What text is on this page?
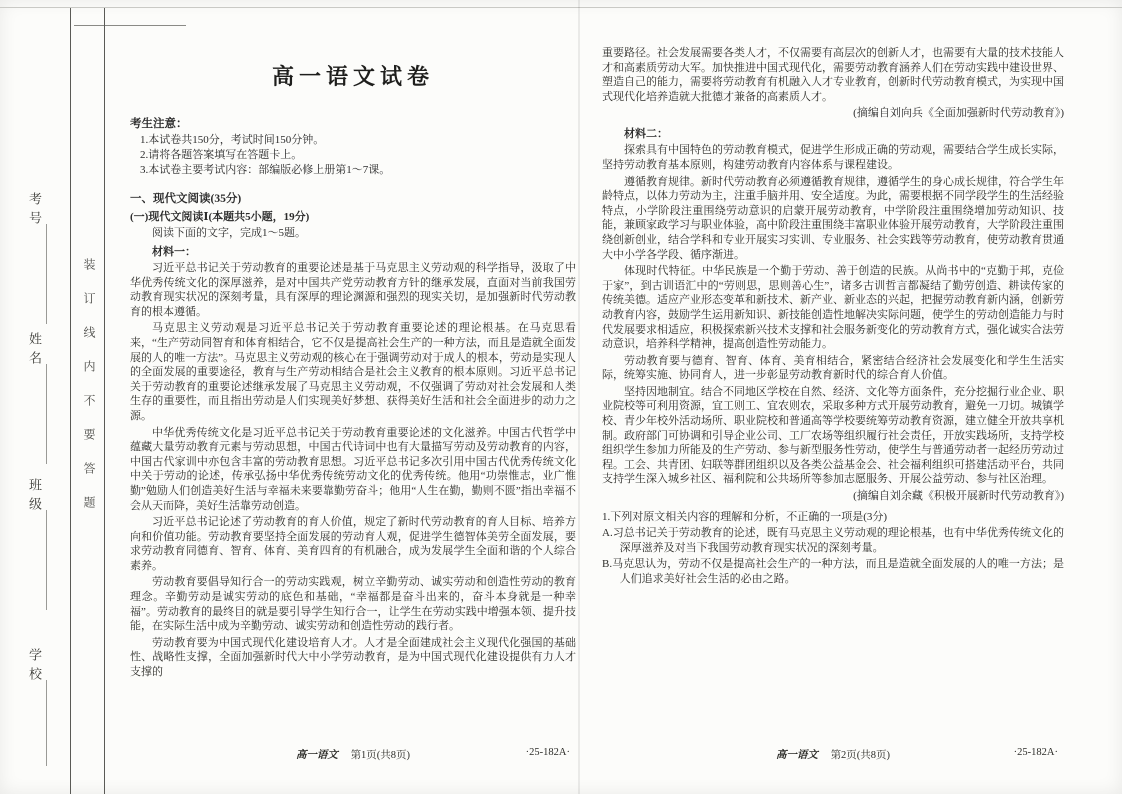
考号
姓名
班级
学校
装订线内不要答题
高一语文试卷

考生注意：

1.本试卷共150分，考试时间150分钟。

2.请将各题答案填写在答题卡上。

3.本试卷主要考试内容：部编版必修上册第1～7课。

一、现代文阅读(35分)

(一)现代文阅读Ⅰ(本题共5小题，19分)

阅读下面的文字，完成1～5题。

材料一：

习近平总书记关于劳动教育的重要论述是基于马克思主义劳动观的科学指导，汲取了中华优秀传统文化的深厚滋养，是对中国共产党劳动教育方针的继承发展，直面对当前我国劳动教育现实状况的深刻考量，具有深厚的理论渊源和强烈的现实关切，是加强新时代劳动教育的根本遵循。

马克思主义劳动观是习近平总书记关于劳动教育重要论述的理论根基。在马克思看来，“生产劳动同智育和体育相结合，它不仅是提高社会生产的一种方法，而且是造就全面发展的人的唯一方法”。马克思主义劳动观的核心在于强调劳动对于成人的根本，劳动是实现人的全面发展的重要途径，教育与生产劳动相结合是社会主义教育的根本原则。习近平总书记关于劳动教育的重要论述继承发展了马克思主义劳动观，不仅强调了劳动对社会发展和人类生存的重要性，而且指出劳动是人们实现美好梦想、获得美好生活和社会全面进步的动力之源。

中华优秀传统文化是习近平总书记关于劳动教育重要论述的文化滋养。中国古代哲学中蕴藏大量劳动教育元素与劳动思想，中国古代诗词中也有大量描写劳动及劳动教育的内容，中国古代家训中亦包含丰富的劳动教育思想。习近平总书记多次引用中国古代优秀传统文化中关于劳动的论述，传承弘扬中华优秀传统劳动文化的优秀传统。他用“功崇惟志，业广惟勤”勉励人们创造美好生活与幸福未来要靠勤劳奋斗；他用“人生在勤，勤则不匮”指出幸福不会从天而降，美好生活靠劳动创造。

习近平总书记论述了劳动教育的育人价值，规定了新时代劳动教育的育人目标、培养方向和价值功能。劳动教育要坚持全面发展的劳动育人观，促进学生德智体美劳全面发展，要求劳动教育同德育、智育、体育、美育四育的有机融合，成为发展学生全面和谐的个人综合素养。

劳动教育要倡导知行合一的劳动实践观，树立辛勤劳动、诚实劳动和创造性劳动的教育理念。辛勤劳动是诚实劳动的底色和基础，“幸福都是奋斗出来的，奋斗本身就是一种幸福”。劳动教育的最终目的就是要引导学生知行合一，让学生在劳动实践中增强本领、提升技能，在实际生活中成为辛勤劳动、诚实劳动和创造性劳动的践行者。

劳动教育要为中国式现代化建设培育人才。人才是全面建成社会主义现代化强国的基础性、战略性支撑，全面加强新时代大中小学劳动教育，是为中国式现代化建设提供有力人才支撑的

高一语文 第1页(共8页)	·25-182A·

重要路径。社会发展需要各类人才，不仅需要有高层次的创新人才，也需要有大量的技术技能人才和高素质劳动大军。加快推进中国式现代化，需要劳动教育涵养人们在劳动实践中建设世界、塑造自己的能力，需要将劳动教育有机融入人才专业教育，创新时代劳动教育模式，为实现中国式现代化培养造就大批德才兼备的高素质人才。

(摘编自刘向兵《全面加强新时代劳动教育》)

材料二：

探索具有中国特色的劳动教育模式，促进学生形成正确的劳动观，需要结合学生成长实际，坚持劳动教育基本原则，构建劳动教育内容体系与课程建设。

遵循教育规律。新时代劳动教育必须遵循教育规律，遵循学生的身心成长规律，符合学生年龄特点，以体力劳动为主，注重手脑并用、安全适度。为此，需要根据不同学段学生的生活经验特点，小学阶段注重围绕劳动意识的启蒙开展劳动教育，中学阶段注重围绕增加劳动知识、技能，兼顾家政学习与职业体验，高中阶段注重围绕丰富职业体验开展劳动教育，大学阶段注重围绕创新创业，结合学科和专业开展实习实训、专业服务、社会实践等劳动教育，使劳动教育贯通大中小学各学段、循序渐进。

体现时代特征。中华民族是一个勤于劳动、善于创造的民族。从尚书中的“克勤于邦，克俭于家”，到古训语汇中的“劳则思，思则善心生”，诸多古训哲言都凝结了勤劳创造、耕读传家的传统美德。适应产业形态变革和新技术、新产业、新业态的兴起，把握劳动教育新内涵，创新劳动教育内容，鼓励学生运用新知识、新技能创造性地解决实际问题，使学生的劳动创造能力与时代发展要求相适应，积极探索新兴技术支撑和社会服务新变化的劳动教育方式，强化诚实合法劳动意识，培养科学精神，提高创造性劳动能力。

劳动教育要与德育、智育、体育、美育相结合，紧密结合经济社会发展变化和学生生活实际，统筹实施、协同育人，进一步彰显劳动教育新时代的综合育人价值。

坚持因地制宜。结合不同地区学校在自然、经济、文化等方面条件，充分挖掘行业企业、职业院校等可利用资源，宜工则工、宜农则农，采取多种方式开展劳动教育，避免一刀切。城镇学校、青少年校外活动场所、职业院校和普通高等学校要统筹劳动教育资源，建立健全开放共享机制。政府部门可协调和引导企业公司、工厂农场等组织履行社会责任，开放实践场所，支持学校组织学生参加力所能及的生产劳动、参与新型服务性劳动，使学生与普通劳动者一起经历劳动过程。工会、共青团、妇联等群团组织以及各类公益基金会、社会福利组织可搭建活动平台，共同支持学生深入城乡社区、福利院和公共场所等参加志愿服务、开展公益劳动、参与社区治理。

(摘编自刘余藏《积极开展新时代劳动教育》)

1.下列对原文相关内容的理解和分析，不正确的一项是(3分)

A.习总书记关于劳动教育的论述，既有马克思主义劳动观的理论根基，也有中华优秀传统文化的深厚滋养及对当下我国劳动教育现实状况的深刻考量。

B.马克思认为，劳动不仅是提高社会生产的一种方法，而且是造就全面发展的人的唯一方法；是人们追求美好社会生活的必由之路。

高一语文 第2页(共8页)	·25-182A·
